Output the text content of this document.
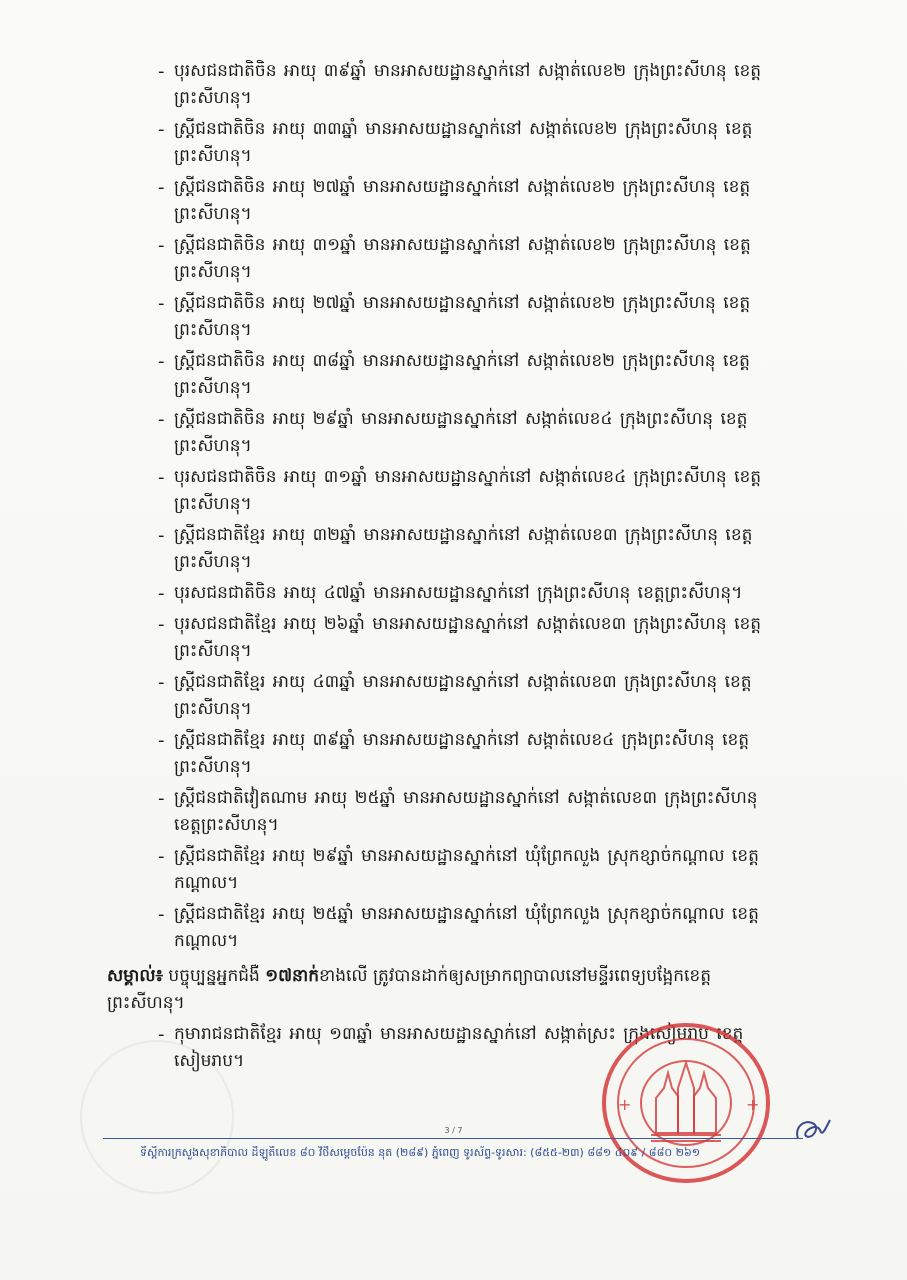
- បុរសជនជាតិចិន អាយុ ៣៩ឆ្នាំ មានអាសយដ្ឋានស្នាក់នៅ សង្កាត់លេខ២ ក្រុងព្រះសីហនុ ខេត្ត
ព្រះសីហនុ។
- ស្ត្រីជនជាតិចិន អាយុ ៣៣ឆ្នាំ មានអាសយដ្ឋានស្នាក់នៅ សង្កាត់លេខ២ ក្រុងព្រះសីហនុ ខេត្ត
ព្រះសីហនុ។
- ស្ត្រីជនជាតិចិន អាយុ ២៧ឆ្នាំ មានអាសយដ្ឋានស្នាក់នៅ សង្កាត់លេខ២ ក្រុងព្រះសីហនុ ខេត្ត
ព្រះសីហនុ។
- ស្ត្រីជនជាតិចិន អាយុ ៣១ឆ្នាំ មានអាសយដ្ឋានស្នាក់នៅ សង្កាត់លេខ២ ក្រុងព្រះសីហនុ ខេត្ត
ព្រះសីហនុ។
- ស្ត្រីជនជាតិចិន អាយុ ២៧ឆ្នាំ មានអាសយដ្ឋានស្នាក់នៅ សង្កាត់លេខ២ ក្រុងព្រះសីហនុ ខេត្ត
ព្រះសីហនុ។
- ស្ត្រីជនជាតិចិន អាយុ ៣៨ឆ្នាំ មានអាសយដ្ឋានស្នាក់នៅ សង្កាត់លេខ២ ក្រុងព្រះសីហនុ ខេត្ត
ព្រះសីហនុ។
- ស្ត្រីជនជាតិចិន អាយុ ២៩ឆ្នាំ មានអាសយដ្ឋានស្នាក់នៅ សង្កាត់លេខ៤ ក្រុងព្រះសីហនុ ខេត្ត
ព្រះសីហនុ។
- បុរសជនជាតិចិន អាយុ ៣១ឆ្នាំ មានអាសយដ្ឋានស្នាក់នៅ សង្កាត់លេខ៤ ក្រុងព្រះសីហនុ ខេត្ត
ព្រះសីហនុ។
- ស្ត្រីជនជាតិខ្មែរ អាយុ ៣២ឆ្នាំ មានអាសយដ្ឋានស្នាក់នៅ សង្កាត់លេខ៣ ក្រុងព្រះសីហនុ ខេត្ត
ព្រះសីហនុ។
- បុរសជនជាតិចិន អាយុ ៤៧ឆ្នាំ មានអាសយដ្ឋានស្នាក់នៅ ក្រុងព្រះសីហនុ ខេត្តព្រះសីហនុ។
- បុរសជនជាតិខ្មែរ អាយុ ២៦ឆ្នាំ មានអាសយដ្ឋានស្នាក់នៅ សង្កាត់លេខ៣ ក្រុងព្រះសីហនុ ខេត្ត
ព្រះសីហនុ។
- ស្ត្រីជនជាតិខ្មែរ អាយុ ៤៣ឆ្នាំ មានអាសយដ្ឋានស្នាក់នៅ សង្កាត់លេខ៣ ក្រុងព្រះសីហនុ ខេត្ត
ព្រះសីហនុ។
- ស្ត្រីជនជាតិខ្មែរ អាយុ ៣៩ឆ្នាំ មានអាសយដ្ឋានស្នាក់នៅ សង្កាត់លេខ៤ ក្រុងព្រះសីហនុ ខេត្ត
ព្រះសីហនុ។
- ស្ត្រីជនជាតិវៀតណាម អាយុ ២៥ឆ្នាំ មានអាសយដ្ឋានស្នាក់នៅ សង្កាត់លេខ៣ ក្រុងព្រះសីហនុ
ខេត្តព្រះសីហនុ។
- ស្ត្រីជនជាតិខ្មែរ អាយុ ២៩ឆ្នាំ មានអាសយដ្ឋានស្នាក់នៅ ឃុំព្រែកលួង ស្រុកខ្សាច់កណ្តាល ខេត្ត
កណ្តាល។
- ស្ត្រីជនជាតិខ្មែរ អាយុ ២៥ឆ្នាំ មានអាសយដ្ឋានស្នាក់នៅ ឃុំព្រែកលួង ស្រុកខ្សាច់កណ្តាល ខេត្ត
កណ្តាល។
សម្គាល់៖ បច្ចុប្បន្នអ្នកជំងឺ ១៧នាក់ខាងលើ ត្រូវបានដាក់ឲ្យសម្រាកព្យាបាលនៅមន្ទីរពេទ្យបង្អែកខេត្ត
ព្រះសីហនុ។
- កុមារាជនជាតិខ្មែរ អាយុ ១៣ឆ្នាំ មានអាសយដ្ឋានស្នាក់នៅ សង្កាត់ស្រះ ក្រុងសៀមរាប ខេត្ត
សៀមរាប។
+	+
3 / 7
ទីស្តីការក្រសួងសុខាភិបាល ដីឡូតិ៍លេខ ៨០ វិថីសម្តេចប៉ែន នុត (២៨៩) ភ្នំពេញ ទូរស័ព្ទ-ទូរសារ: (៨៥៥-២៣) ៨៨១ ៤០៩ / ៨៨០ ២៦១
